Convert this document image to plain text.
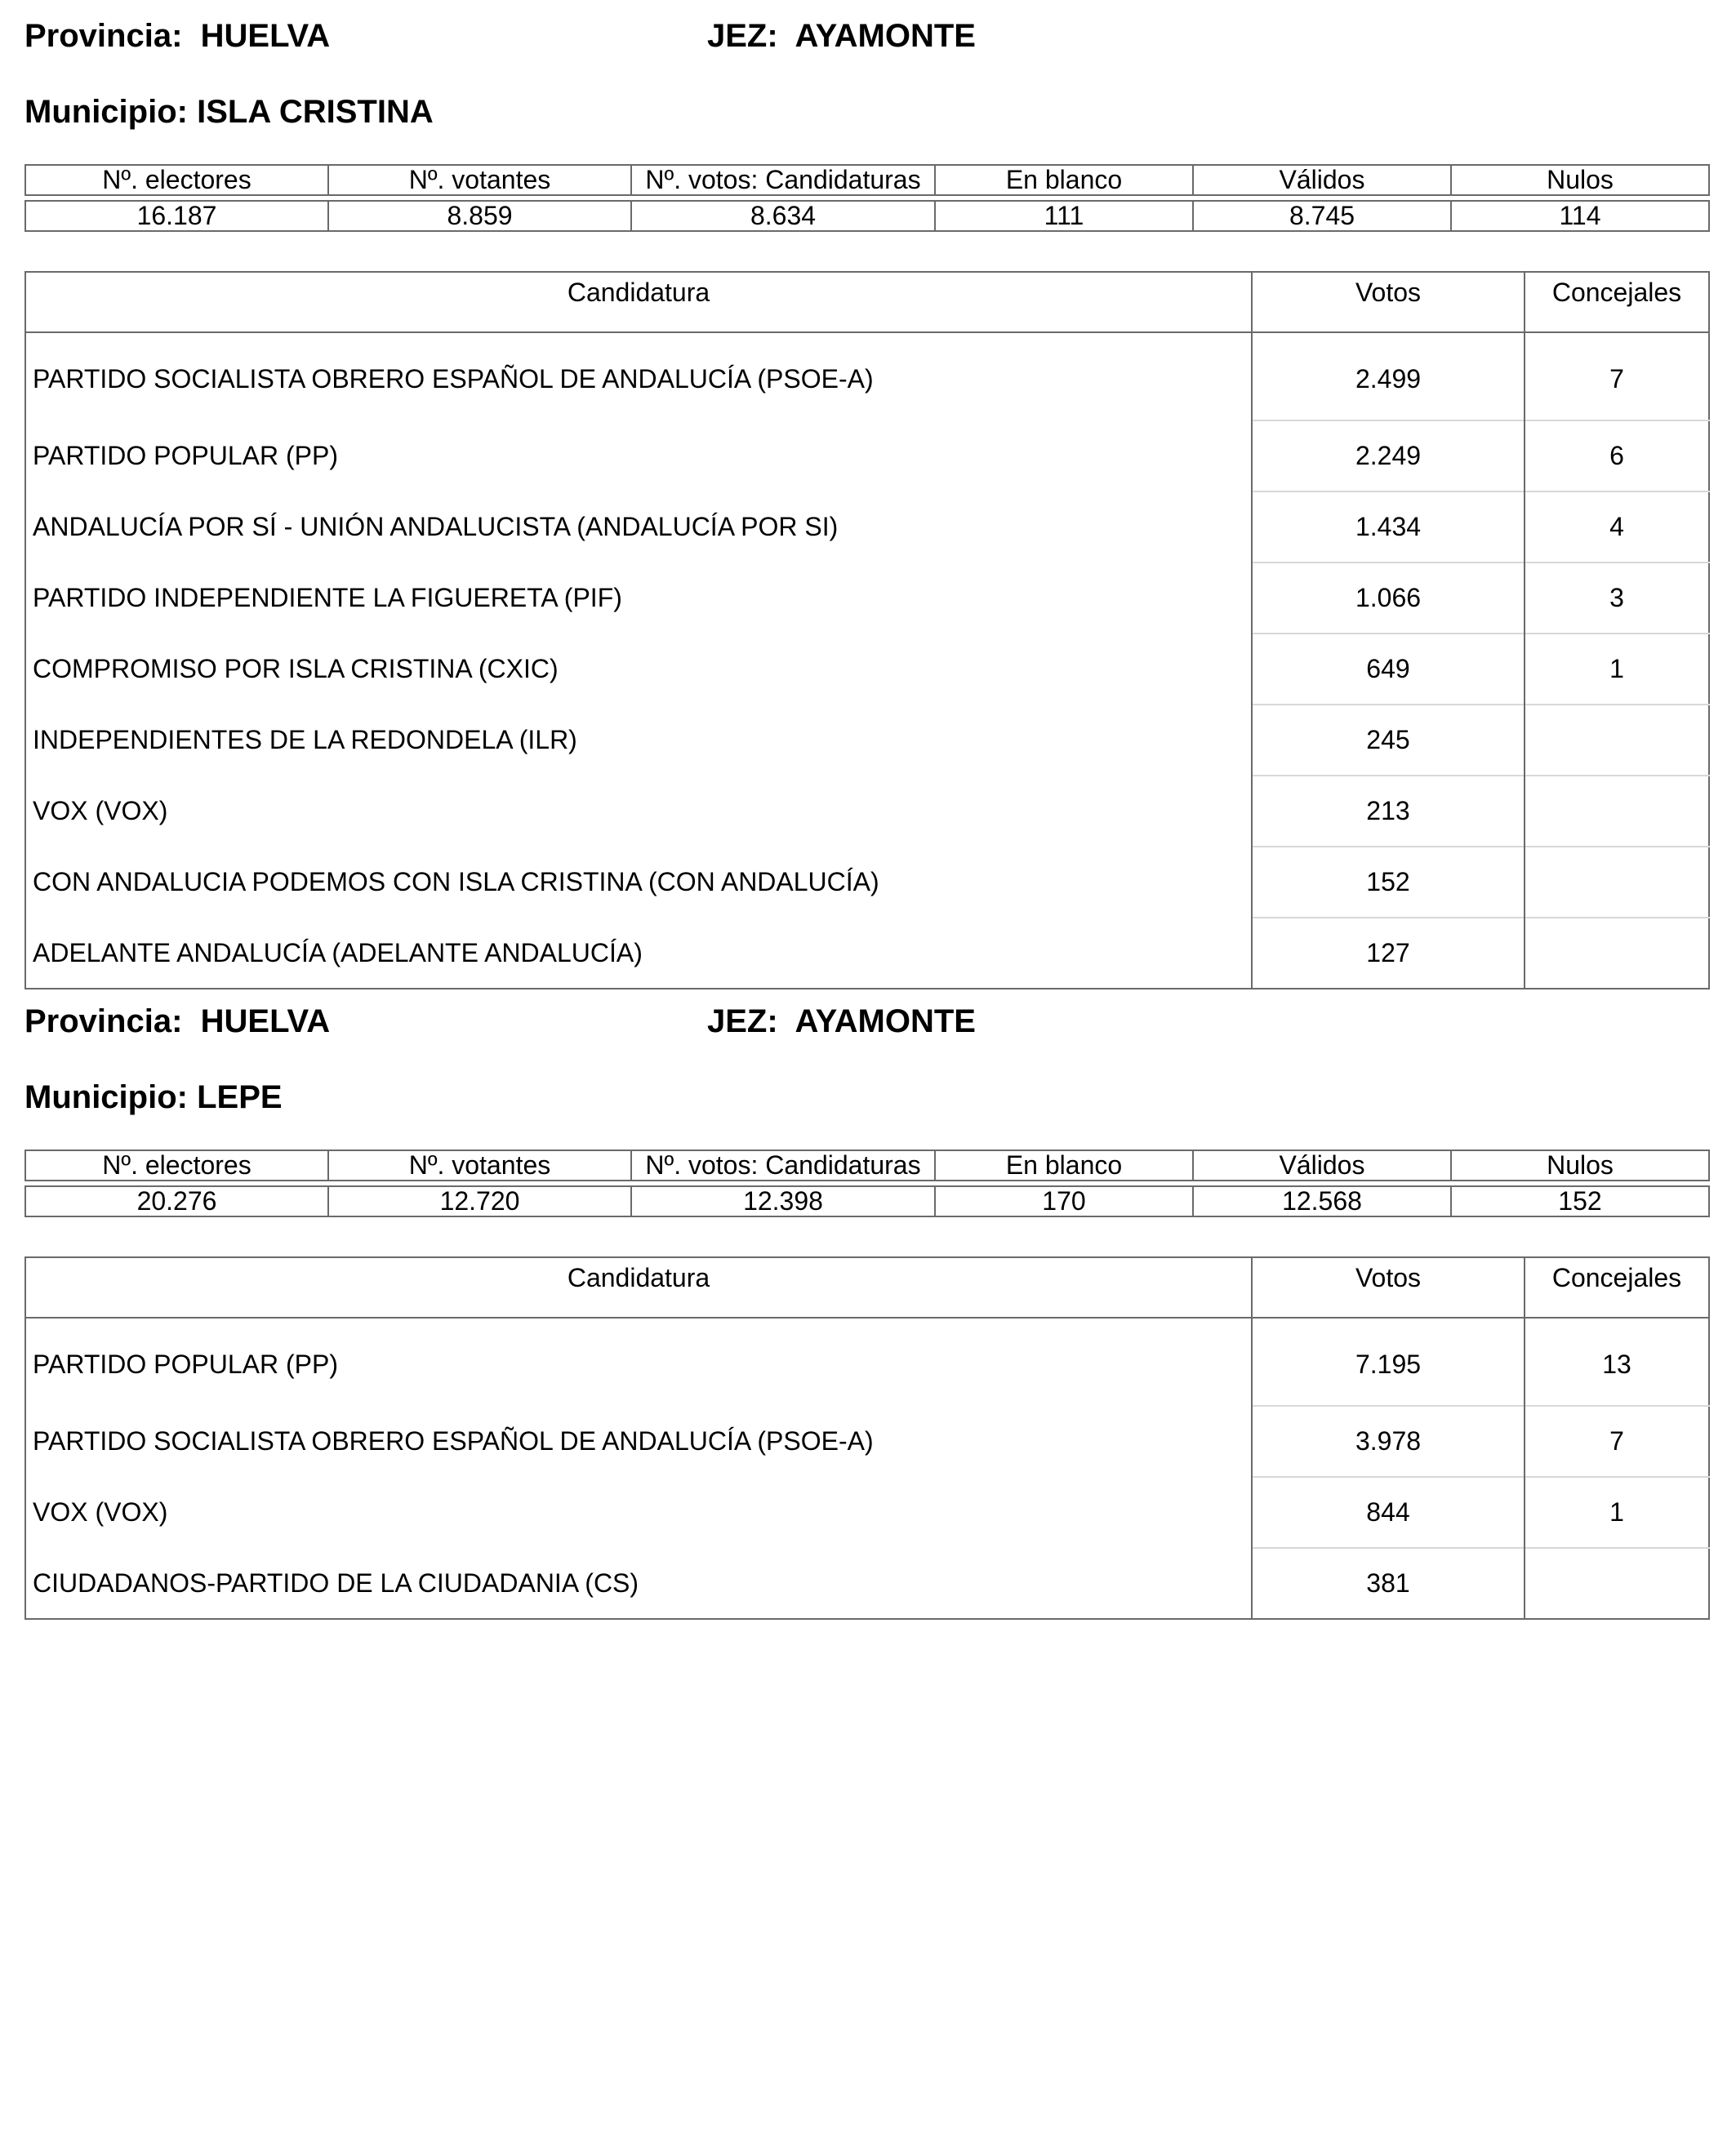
Provincia: HUELVA	JEZ: AYAMONTE
Municipio: ISLA CRISTINA
Nº. electores	Nº. votantes	Nº. votos: Candidaturas	En blanco	Válidos	Nulos

16.187	8.859	8.634	111	8.745	114
Candidatura	Votos	Concejales
PARTIDO SOCIALISTA OBRERO ESPAÑOL DE ANDALUCÍA (PSOE-A)	2.499	7
PARTIDO POPULAR (PP)	2.249	6
ANDALUCÍA POR SÍ - UNIÓN ANDALUCISTA (ANDALUCÍA POR SI)	1.434	4
PARTIDO INDEPENDIENTE LA FIGUERETA (PIF)	1.066	3
COMPROMISO POR ISLA CRISTINA (CXIC)	649	1
INDEPENDIENTES DE LA REDONDELA (ILR)	245	
VOX (VOX)	213	
CON ANDALUCIA PODEMOS CON ISLA CRISTINA (CON ANDALUCÍA)	152	
ADELANTE ANDALUCÍA (ADELANTE ANDALUCÍA)	127	
Provincia: HUELVA	JEZ: AYAMONTE
Municipio: LEPE
Nº. electores	Nº. votantes	Nº. votos: Candidaturas	En blanco	Válidos	Nulos

20.276	12.720	12.398	170	12.568	152
Candidatura	Votos	Concejales
PARTIDO POPULAR (PP)	7.195	13
PARTIDO SOCIALISTA OBRERO ESPAÑOL DE ANDALUCÍA (PSOE-A)	3.978	7
VOX (VOX)	844	1
CIUDADANOS-PARTIDO DE LA CIUDADANIA (CS)	381	
